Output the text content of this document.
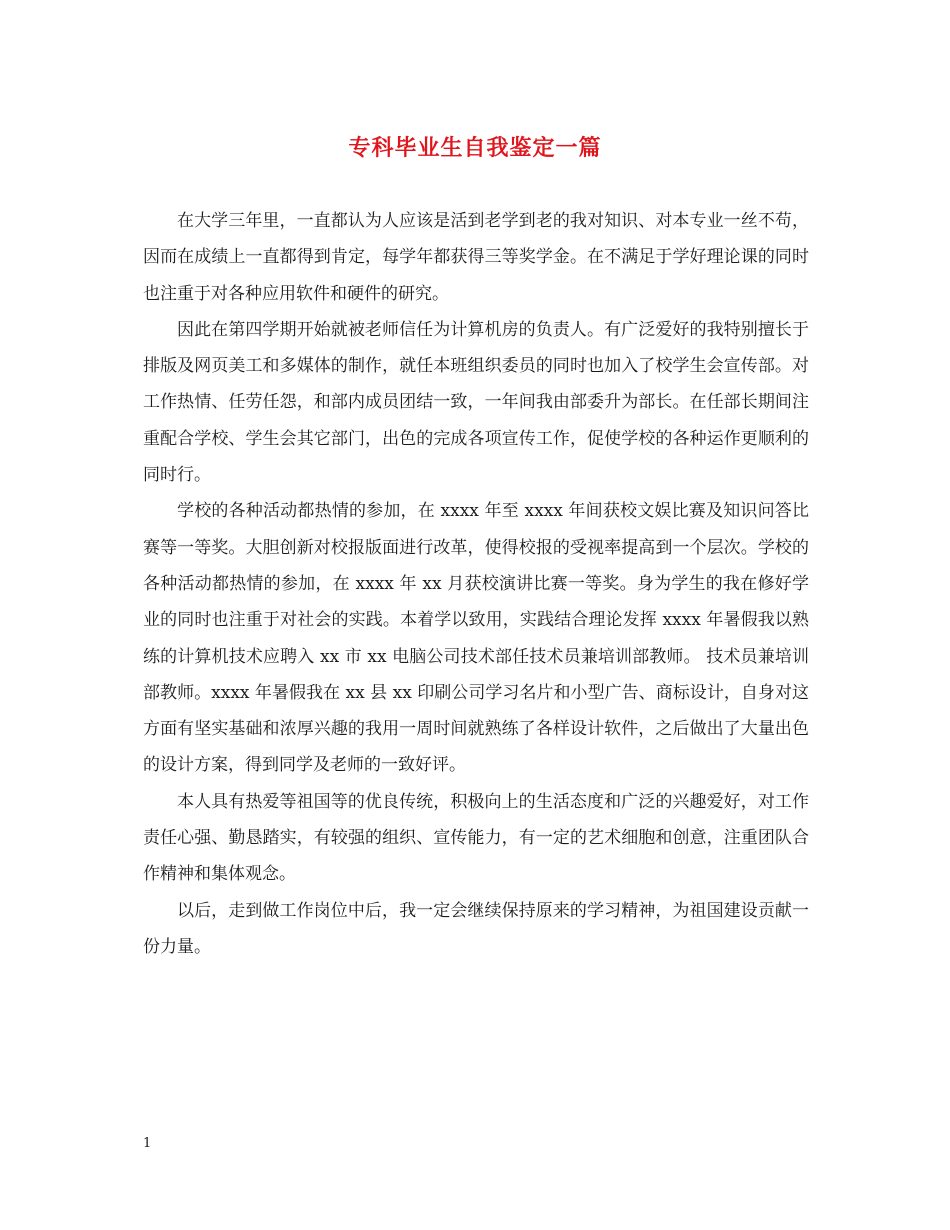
专科毕业生自我鉴定一篇

在大学三年里，一直都认为人应该是活到老学到老的我对知识、对本专业一丝不苟，因而在成绩上一直都得到肯定，每学年都获得三等奖学金。在不满足于学好理论课的同时也注重于对各种应用软件和硬件的研究。

因此在第四学期开始就被老师信任为计算机房的负责人。有广泛爱好的我特别擅长于排版及网页美工和多媒体的制作，就任本班组织委员的同时也加入了校学生会宣传部。对工作热情、任劳任怨，和部内成员团结一致，一年间我由部委升为部长。在任部长期间注重配合学校、学生会其它部门，出色的完成各项宣传工作，促使学校的各种运作更顺利的同时行。

学校的各种活动都热情的参加，在 xxxx 年至 xxxx 年间获校文娱比赛及知识问答比赛等一等奖。大胆创新对校报版面进行改革，使得校报的受视率提高到一个层次。学校的各种活动都热情的参加，在 xxxx 年 xx 月获校演讲比赛一等奖。身为学生的我在修好学业的同时也注重于对社会的实践。本着学以致用，实践结合理论发挥 xxxx 年暑假我以熟练的计算机技术应聘入 xx 市 xx 电脑公司技术部任技术员兼培训部教师。 技术员兼培训部教师。xxxx 年暑假我在 xx 县 xx 印刷公司学习名片和小型广告、商标设计，自身对这方面有坚实基础和浓厚兴趣的我用一周时间就熟练了各样设计软件，之后做出了大量出色的设计方案，得到同学及老师的一致好评。

本人具有热爱等祖国等的优良传统，积极向上的生活态度和广泛的兴趣爱好，对工作责任心强、勤恳踏实，有较强的组织、宣传能力，有一定的艺术细胞和创意，注重团队合作精神和集体观念。

以后，走到做工作岗位中后，我一定会继续保持原来的学习精神，为祖国建设贡献一份力量。

1
